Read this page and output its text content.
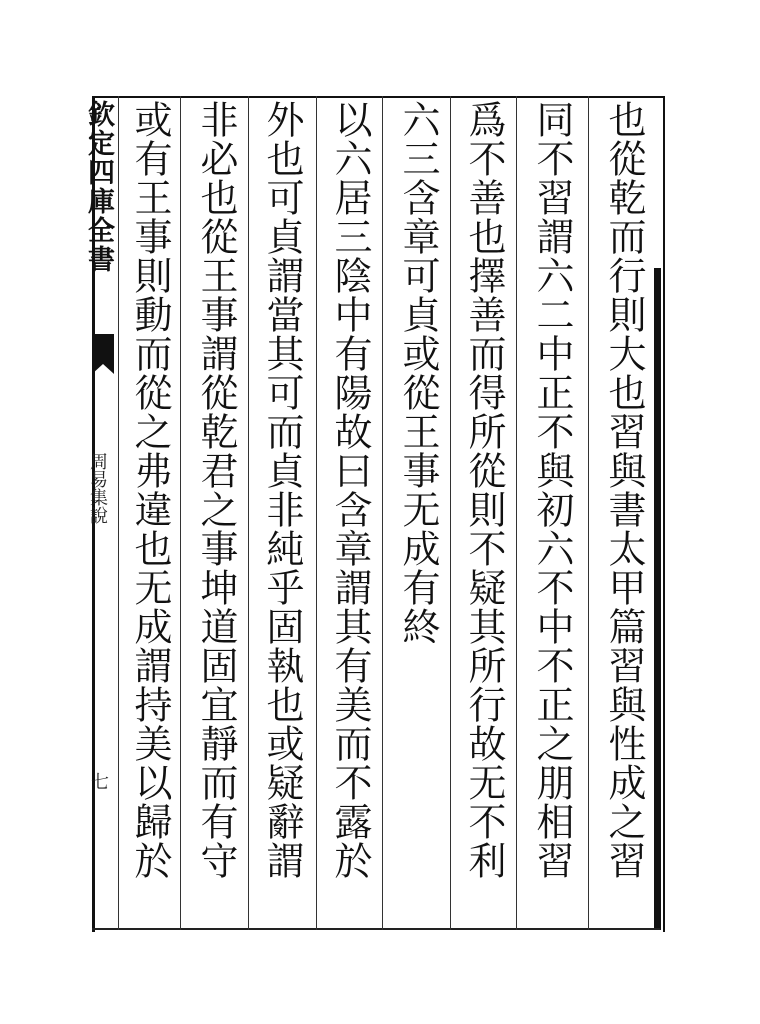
欽定四庫全書
周易集說
七	也從乾而行則大也習與書太甲篇習與性成之習
同不習謂六二中正不與初六不中不正之朋相習
爲不善也擇善而得所從則不疑其所行故无不利
六三含章可貞或從王事无成有終
以六居三陰中有陽故曰含章謂其有美而不露於
外也可貞謂當其可而貞非純乎固執也或疑辭謂
非必也從王事謂從乾君之事坤道固宜靜而有守
或有王事則動而從之弗違也无成謂持美以歸於
